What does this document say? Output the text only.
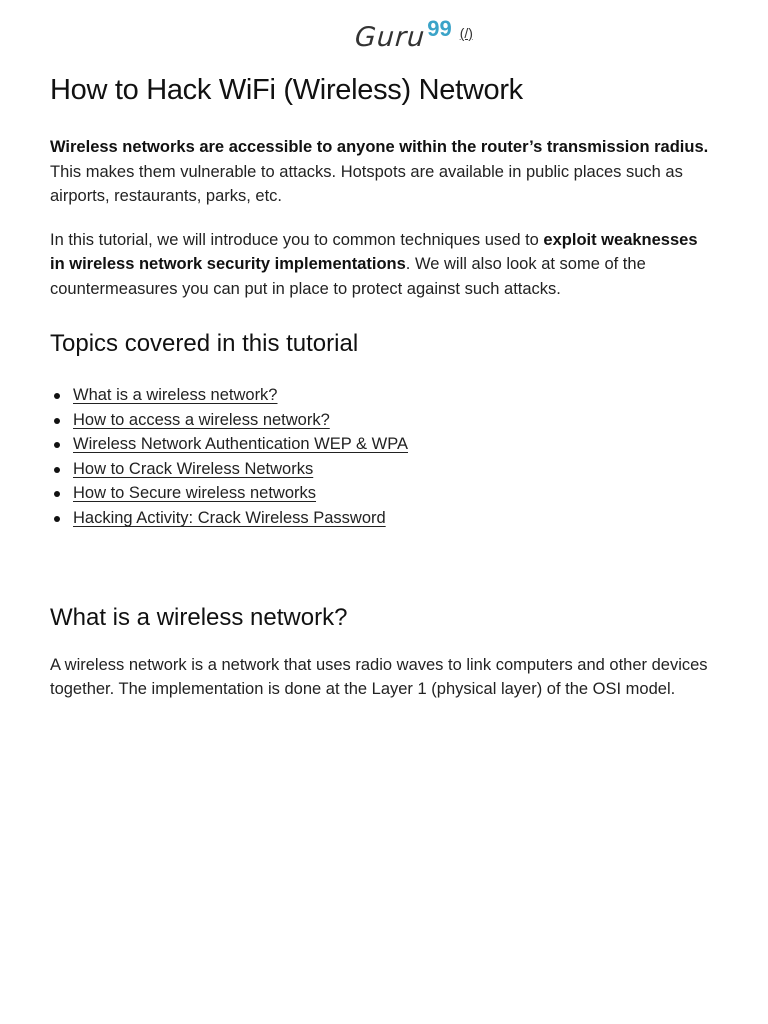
Guru99 (/)
How to Hack WiFi (Wireless) Network

Wireless networks are accessible to anyone within the router’s transmission radius. This makes them vulnerable to attacks. Hotspots are available in public places such as airports, restaurants, parks, etc.

In this tutorial, we will introduce you to common techniques used to exploit weaknesses in wireless network security implementations. We will also look at some of the countermeasures you can put in place to protect against such attacks.

Topics covered in this tutorial
What is a wireless network?
How to access a wireless network?
Wireless Network Authentication WEP & WPA
How to Crack Wireless Networks
How to Secure wireless networks
Hacking Activity: Crack Wireless Password
What is a wireless network?

A wireless network is a network that uses radio waves to link computers and other devices together. The implementation is done at the Layer 1 (physical layer) of the OSI model.
